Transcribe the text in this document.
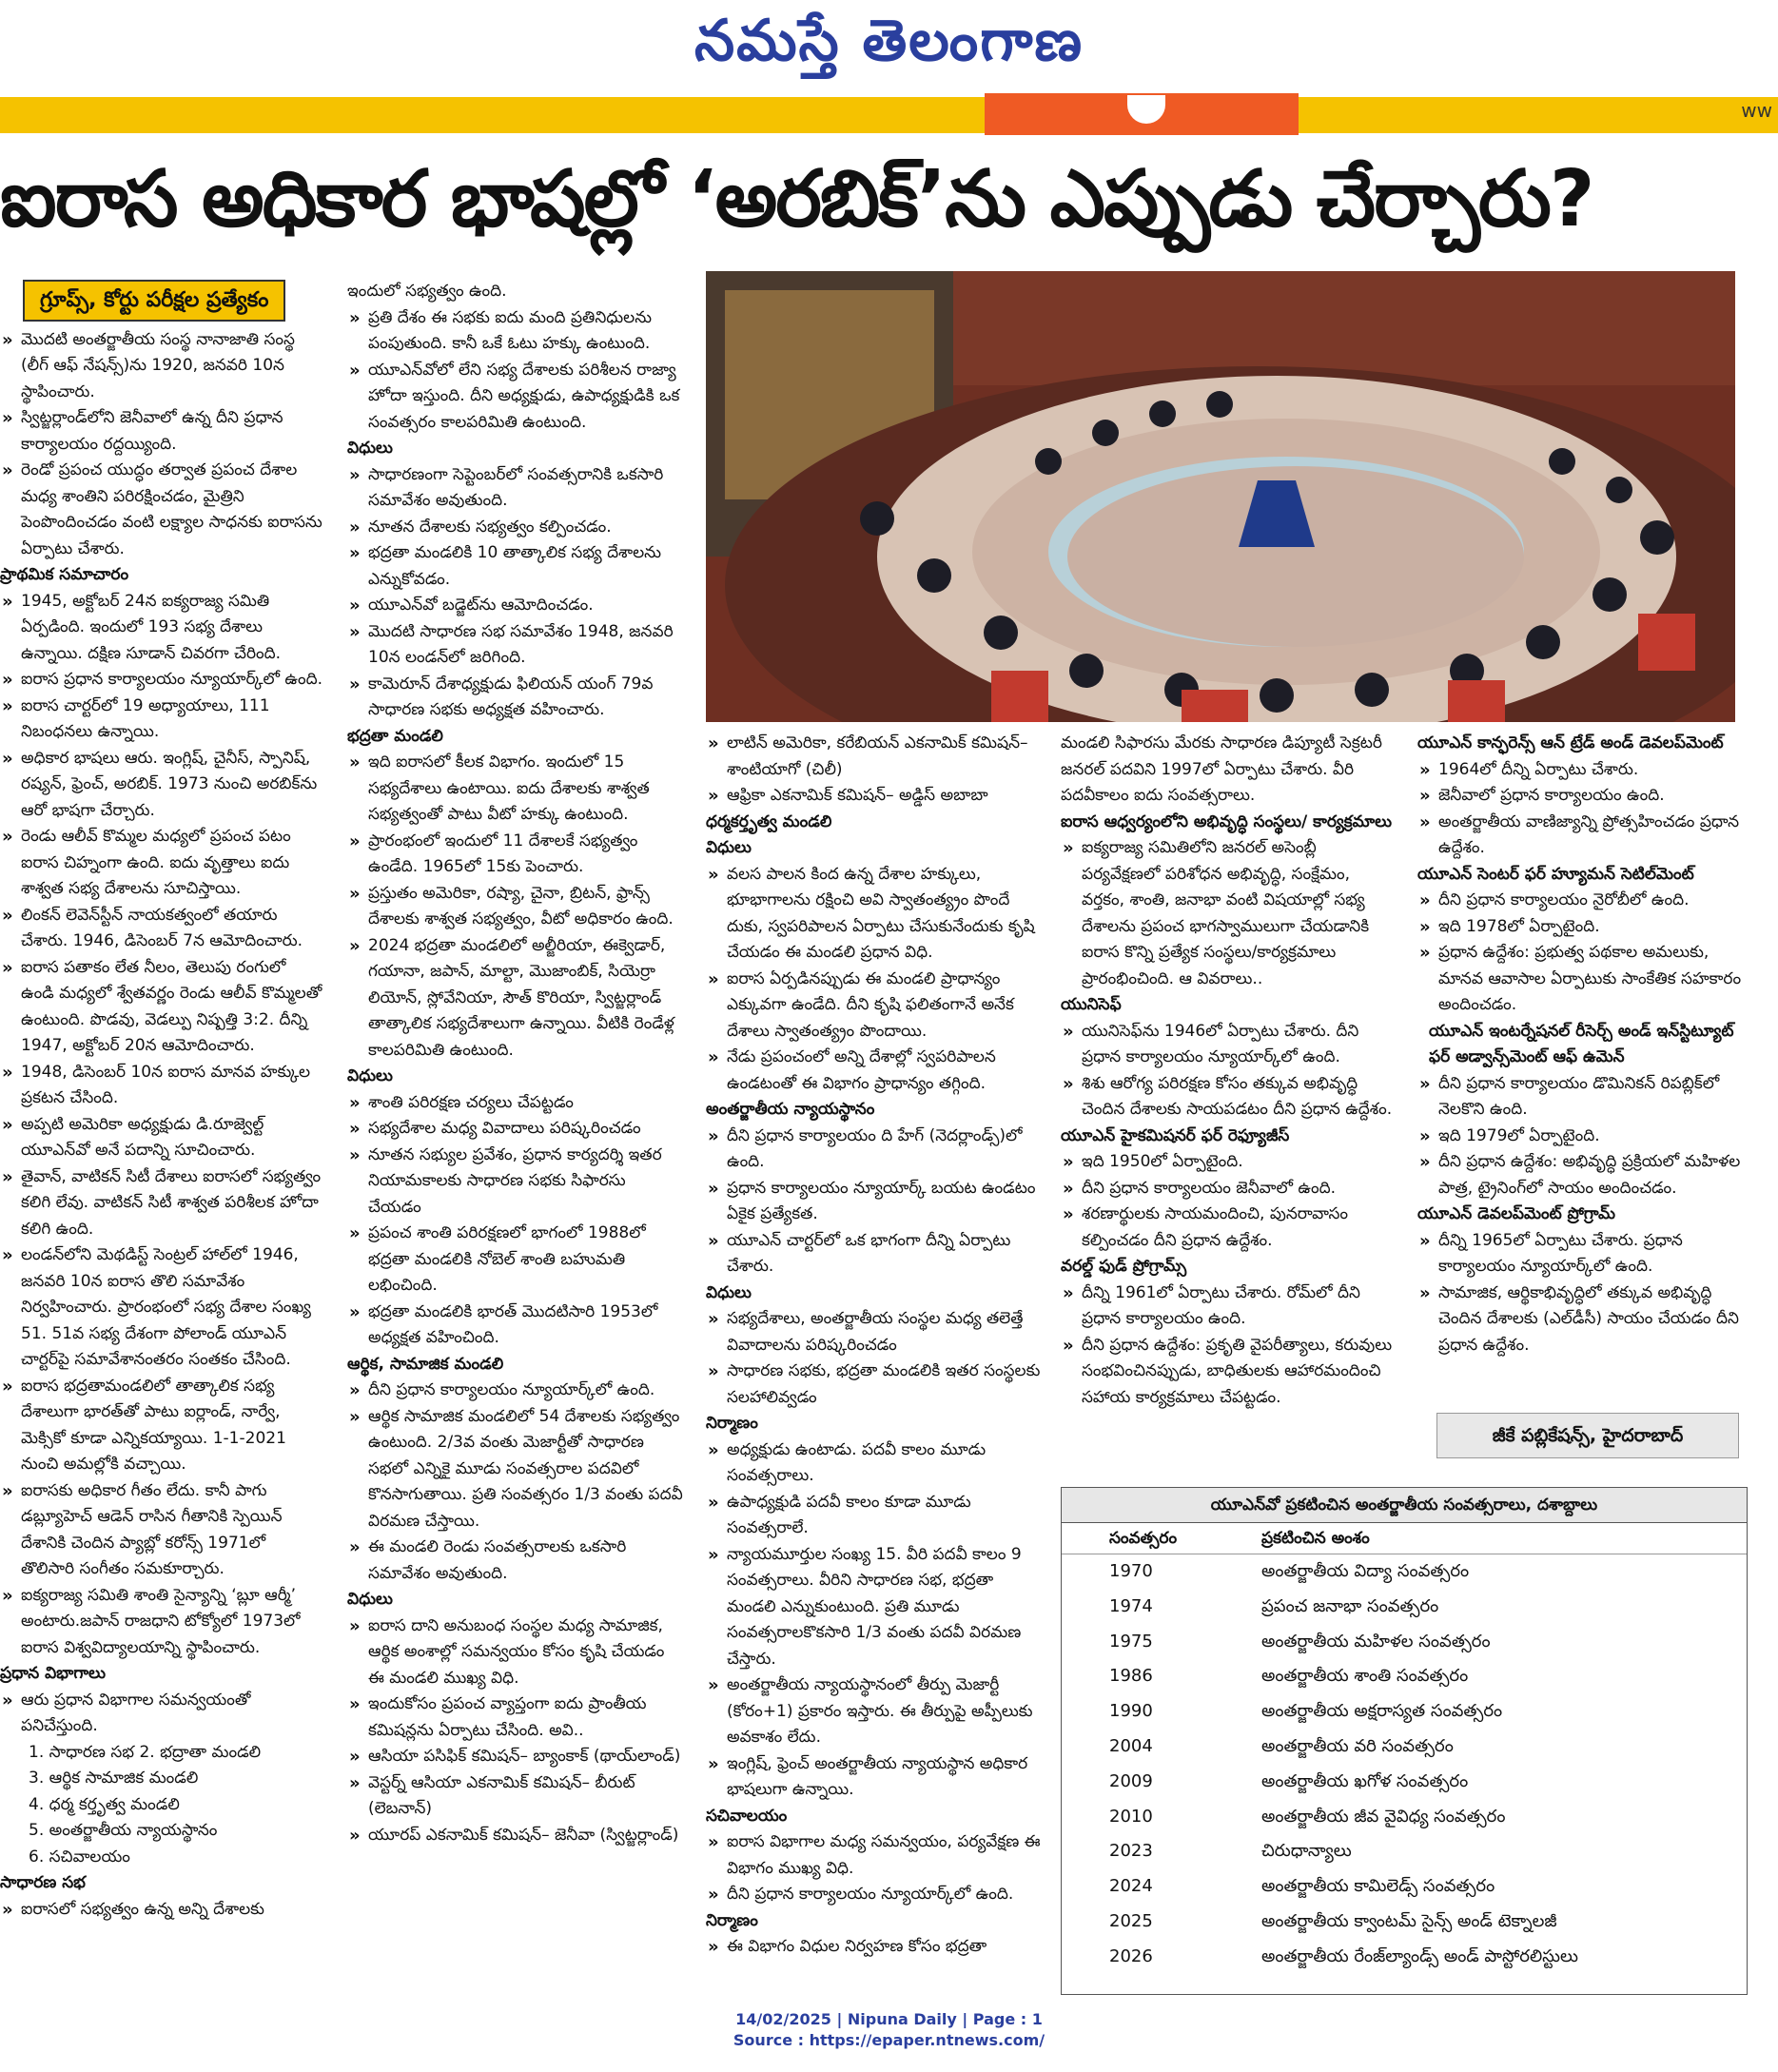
నమస్తే తెలంగాణ
ww
ఐరాస అధికార భాషల్లో ‘అరబిక్’ను ఎప్పుడు చేర్చారు?
గ్రూప్స్, కోర్టు పరీక్షల ప్రత్యేకం

» మొదటి అంతర్జాతీయ సంస్థ నానాజాతి సంస్థ (లీగ్ ఆఫ్ నేషన్స్)ను 1920, జనవరి 10న స్థాపించారు.

» స్విట్జర్లాండ్‌లోని జెనీవాలో ఉన్న దీని ప్రధాన కార్యాలయం రద్దయ్యింది.

» రెండో ప్రపంచ యుద్ధం తర్వాత ప్రపంచ దేశాల మధ్య శాంతిని పరిరక్షించడం, మైత్రిని పెంపొందించడం వంటి లక్ష్యాల సాధనకు ఐరాసను ఏర్పాటు చేశారు.

ప్రాథమిక సమాచారం

» 1945, అక్టోబర్ 24న ఐక్యరాజ్య సమితి ఏర్పడింది. ఇందులో 193 సభ్య దేశాలు ఉన్నాయి. దక్షిణ సూడాన్ చివరగా చేరింది.

» ఐరాస ప్రధాన కార్యాలయం న్యూయార్క్‌లో ఉంది.

» ఐరాస చార్టర్‌లో 19 అధ్యాయాలు, 111 నిబంధనలు ఉన్నాయి.

» అధికార భాషలు ఆరు. ఇంగ్లిష్, చైనీస్, స్పానిష్, రష్యన్, ఫ్రెంచ్, అరబిక్. 1973 నుంచి అరబిక్‌ను ఆరో భాషగా చేర్చారు.

» రెండు ఆలీవ్ కొమ్మల మధ్యలో ప్రపంచ పటం ఐరాస చిహ్నంగా ఉంది. ఐదు వృత్తాలు ఐదు శాశ్వత సభ్య దేశాలను సూచిస్తాయి.

» లింకన్ లెవెన్‌స్టీన్ నాయకత్వంలో తయారు చేశారు. 1946, డిసెంబర్ 7న ఆమోదించారు.

» ఐరాస పతాకం లేత నీలం, తెలుపు రంగులో ఉండి మధ్యలో శ్వేతవర్ణం రెండు ఆలీవ్ కొమ్మలతో ఉంటుంది. పొడవు, వెడల్పు నిష్పత్తి 3:2. దీన్ని 1947, అక్టోబర్ 20న ఆమోదించారు.

» 1948, డిసెంబర్ 10న ఐరాస మానవ హక్కుల ప్రకటన చేసింది.

» అప్పటి అమెరికా అధ్యక్షుడు డి.రూజ్వెల్ట్ యూఎన్‌వో అనే పదాన్ని సూచించారు.

» తైవాన్, వాటికన్ సిటీ దేశాలు ఐరాసలో సభ్యత్వం కలిగి లేవు. వాటికన్ సిటీ శాశ్వత పరిశీలక హోదా కలిగి ఉంది.

» లండన్‌లోని మెథడిస్ట్ సెంట్రల్ హాల్‌లో 1946, జనవరి 10న ఐరాస తొలి సమావేశం నిర్వహించారు. ప్రారంభంలో సభ్య దేశాల సంఖ్య 51. 51వ సభ్య దేశంగా పోలాండ్ యూఎన్ చార్టర్‌పై సమావేశానంతరం సంతకం చేసింది.

» ఐరాస భద్రతామండలిలో తాత్కాలిక సభ్య దేశాలుగా భారత్‌తో పాటు ఐర్లాండ్, నార్వే, మెక్సికో కూడా ఎన్నికయ్యాయి. 1-1-2021 నుంచి అమల్లోకి వచ్చాయి.

» ఐరాసకు అధికార గీతం లేదు. కానీ పాగు డబ్ల్యూహెచ్ ఆడెన్ రాసిన గీతానికి స్పెయిన్ దేశానికి చెందిన ప్యాబ్లో కరోన్స్ 1971లో తొలిసారి సంగీతం సమకూర్చారు.

» ఐక్యరాజ్య సమితి శాంతి సైన్యాన్ని ‘బ్లూ ఆర్మీ’ అంటారు.జపాన్ రాజధాని టోక్యోలో 1973లో ఐరాస విశ్వవిద్యాలయాన్ని స్థాపించారు.

ప్రధాన విభాగాలు

» ఆరు ప్రధాన విభాగాల సమన్వయంతో పనిచేస్తుంది.

1. సాధారణ సభ 2. భద్రాతా మండలి

3. ఆర్థిక సామాజిక మండలి

4. ధర్మ కర్తృత్వ మండలి

5. అంతర్జాతీయ న్యాయస్థానం

6. సచివాలయం

సాధారణ సభ

» ఐరాసలో సభ్యత్వం ఉన్న అన్ని దేశాలకు

ఇందులో సభ్యత్వం ఉంది.

» ప్రతి దేశం ఈ సభకు ఐదు మంది ప్రతినిధులను పంపుతుంది. కానీ ఒకే ఓటు హక్కు ఉంటుంది.

» యూఎన్‌వోలో లేని సభ్య దేశాలకు పరిశీలన రాజ్యా హోదా ఇస్తుంది. దీని అధ్యక్షుడు, ఉపాధ్యక్షుడికి ఒక సంవత్సరం కాలపరిమితి ఉంటుంది.

విధులు

» సాధారణంగా సెప్టెంబర్‌లో సంవత్సరానికి ఒకసారి సమావేశం అవుతుంది.

» నూతన దేశాలకు సభ్యత్వం కల్పించడం.

» భద్రతా మండలికి 10 తాత్కాలిక సభ్య దేశాలను ఎన్నుకోవడం.

» యూఎన్‌వో బడ్జెట్‌ను ఆమోదించడం.

» మొదటి సాధారణ సభ సమావేశం 1948, జనవరి 10న లండన్‌లో జరిగింది.

» కామెరూన్ దేశాధ్యక్షుడు ఫిలియన్ యంగ్ 79వ సాధారణ సభకు అధ్యక్షత వహించారు.

భద్రతా మండలి

» ఇది ఐరాసలో కీలక విభాగం. ఇందులో 15 సభ్యదేశాలు ఉంటాయి. ఐదు దేశాలకు శాశ్వత సభ్యత్వంతో పాటు వీటో హక్కు ఉంటుంది.

» ప్రారంభంలో ఇందులో 11 దేశాలకే సభ్యత్వం ఉండేది. 1965లో 15కు పెంచారు.

» ప్రస్తుతం అమెరికా, రష్యా, చైనా, బ్రిటన్, ఫ్రాన్స్ దేశాలకు శాశ్వత సభ్యత్వం, వీటో అధికారం ఉంది.

» 2024 భద్రతా మండలిలో అల్జీరియా, ఈక్వెడార్, గయానా, జపాన్, మాల్టా, మొజాంబిక్, సియెర్రా లియోన్, స్లోవేనియా, సౌత్ కొరియా, స్విట్జర్లాండ్ తాత్కాలిక సభ్యదేశాలుగా ఉన్నాయి. వీటికి రెండేళ్ల కాలపరిమితి ఉంటుంది.

విధులు

» శాంతి పరిరక్షణ చర్యలు చేపట్టడం

» సభ్యదేశాల మధ్య వివాదాలు పరిష్కరించడం

» నూతన సభ్యుల ప్రవేశం, ప్రధాన కార్యదర్శి ఇతర నియామకాలకు సాధారణ సభకు సిఫారసు చేయడం

» ప్రపంచ శాంతి పరిరక్షణలో భాగంలో 1988లో భద్రతా మండలికి నోబెల్ శాంతి బహుమతి లభించింది.

» భద్రతా మండలికి భారత్ మొదటిసారి 1953లో అధ్యక్షత వహించింది.

ఆర్థిక, సామాజిక మండలి

» దీని ప్రధాన కార్యాలయం న్యూయార్క్‌లో ఉంది.

» ఆర్థిక సామాజిక మండలిలో 54 దేశాలకు సభ్యత్వం ఉంటుంది. 2/3వ వంతు మెజార్టీతో సాధారణ సభలో ఎన్నికై మూడు సంవత్సరాల పదవిలో కొనసాగుతాయి. ప్రతి సంవత్సరం 1/3 వంతు పదవీ విరమణ చేస్తాయి.

» ఈ మండలి రెండు సంవత్సరాలకు ఒకసారి సమావేశం అవుతుంది.

విధులు

» ఐరాస దాని అనుబంధ సంస్థల మధ్య సామాజిక, ఆర్థిక అంశాల్లో సమన్వయం కోసం కృషి చేయడం ఈ మండలి ముఖ్య విధి.

» ఇందుకోసం ప్రపంచ వ్యాప్తంగా ఐదు ప్రాంతీయ కమిషన్లను ఏర్పాటు చేసింది. అవి..

» ఆసియా పసిఫిక్ కమిషన్– బ్యాంకాక్ (థాయ్‌లాండ్)

» వెస్టర్న్ ఆసియా ఎకనామిక్ కమిషన్– బీరుట్ (లెబనాన్)

» యూరప్ ఎకనామిక్ కమిషన్– జెనీవా (స్విట్జర్లాండ్)

» లాటిన్ అమెరికా, కరేబియన్ ఎకనామిక్ కమిషన్– శాంటియాగో (చిలీ)

» ఆఫ్రికా ఎకనామిక్ కమిషన్– అడ్డిస్ అబాబా

ధర్మకర్తృత్వ మండలి

విధులు

» వలస పాలన కింద ఉన్న దేశాల హక్కులు, భూభాగాలను రక్షించి అవి స్వాతంత్య్రం పొందే దుకు, స్వపరిపాలన ఏర్పాటు చేసుకునేందుకు కృషి చేయడం ఈ మండలి ప్రధాన విధి.

» ఐరాస ఏర్పడినప్పుడు ఈ మండలి ప్రాధాన్యం ఎక్కువగా ఉండేది. దీని కృషి ఫలితంగానే అనేక దేశాలు స్వాతంత్య్రం పొందాయి.

» నేడు ప్రపంచంలో అన్ని దేశాల్లో స్వపరిపాలన ఉండటంతో ఈ విభాగం ప్రాధాన్యం తగ్గింది.

అంతర్జాతీయ న్యాయస్థానం

» దీని ప్రధాన కార్యాలయం ది హేగ్ (నెదర్లాండ్స్)లో ఉంది.

» ప్రధాన కార్యాలయం న్యూయార్క్ బయట ఉండటం ఏకైక ప్రత్యేకత.

» యూఎన్ చార్టర్‌లో ఒక భాగంగా దీన్ని ఏర్పాటు చేశారు.

విధులు

» సభ్యదేశాలు, అంతర్జాతీయ సంస్థల మధ్య తలెత్తే వివాదాలను పరిష్కరించడం

» సాధారణ సభకు, భద్రతా మండలికి ఇతర సంస్థలకు సలహాలివ్వడం

నిర్మాణం

» అధ్యక్షుడు ఉంటాడు. పదవీ కాలం మూడు సంవత్సరాలు.

» ఉపాధ్యక్షుడి పదవీ కాలం కూడా మూడు సంవత్సరాలే.

» న్యాయమూర్తుల సంఖ్య 15. వీరి పదవీ కాలం 9 సంవత్సరాలు. వీరిని సాధారణ సభ, భద్రతా మండలి ఎన్నుకుంటుంది. ప్రతి మూడు సంవత్సరాలకొకసారి 1/3 వంతు పదవీ విరమణ చేస్తారు.

» అంతర్జాతీయ న్యాయస్థానంలో తీర్పు మెజార్టీ (కోరం+1) ప్రకారం ఇస్తారు. ఈ తీర్పుపై అప్పీలుకు అవకాశం లేదు.

» ఇంగ్లిష్, ఫ్రెంచ్ అంతర్జాతీయ న్యాయస్థాన అధికార భాషలుగా ఉన్నాయి.

సచివాలయం

» ఐరాస విభాగాల మధ్య సమన్వయం, పర్యవేక్షణ ఈ విభాగం ముఖ్య విధి.

» దీని ప్రధాన కార్యాలయం న్యూయార్క్‌లో ఉంది.

నిర్మాణం

» ఈ విభాగం విధుల నిర్వహణ కోసం భద్రతా

మండలి సిఫారసు మేరకు సాధారణ డిప్యూటీ సెక్రటరీ జనరల్ పదవిని 1997లో ఏర్పాటు చేశారు. వీరి పదవీకాలం ఐదు సంవత్సరాలు.

ఐరాస ఆధ్వర్యంలోని అభివృద్ధి సంస్థలు/ కార్యక్రమాలు

» ఐక్యరాజ్య సమితిలోని జనరల్ అసెంబ్లీ పర్యవేక్షణలో పరిశోధన అభివృద్ధి, సంక్షేమం, వర్తకం, శాంతి, జనాభా వంటి విషయాల్లో సభ్య దేశాలను ప్రపంచ భాగస్వాములుగా చేయడానికి ఐరాస కొన్ని ప్రత్యేక సంస్థలు/కార్యక్రమాలు ప్రారంభించింది. ఆ వివరాలు..

యునిసెఫ్

» యునిసెఫ్‌ను 1946లో ఏర్పాటు చేశారు. దీని ప్రధాన కార్యాలయం న్యూయార్క్‌లో ఉంది.

» శిశు ఆరోగ్య పరిరక్షణ కోసం తక్కువ అభివృద్ధి చెందిన దేశాలకు సాయపడటం దీని ప్రధాన ఉద్దేశం.

యూఎన్ హైకమిషనర్ ఫర్ రెఫ్యూజీస్

» ఇది 1950లో ఏర్పాటైంది.

» దీని ప్రధాన కార్యాలయం జెనీవాలో ఉంది.

» శరణార్థులకు సాయమందించి, పునరావాసం కల్పించడం దీని ప్రధాన ఉద్దేశం.

వరల్డ్ ఫుడ్ ప్రోగ్రామ్స్

» దీన్ని 1961లో ఏర్పాటు చేశారు. రోమ్‌లో దీని ప్రధాన కార్యాలయం ఉంది.

» దీని ప్రధాన ఉద్దేశం: ప్రకృతి వైపరీత్యాలు, కరువులు సంభవించినప్పుడు, బాధితులకు ఆహారమందించి సహాయ కార్యక్రమాలు చేపట్టడం.

యూఎన్ కాన్ఫరెన్స్ ఆన్ ట్రేడ్ అండ్ డెవలప్‌మెంట్

» 1964లో దీన్ని ఏర్పాటు చేశారు.

» జెనీవాలో ప్రధాన కార్యాలయం ఉంది.

» అంతర్జాతీయ వాణిజ్యాన్ని ప్రోత్సహించడం ప్రధాన ఉద్దేశం.

యూఎన్ సెంటర్ ఫర్ హ్యూమన్ సెటిల్‌మెంట్

» దీని ప్రధాన కార్యాలయం నైరోబీలో ఉంది.

» ఇది 1978లో ఏర్పాటైంది.

» ప్రధాన ఉద్దేశం: ప్రభుత్వ పథకాల అమలుకు, మానవ ఆవాసాల ఏర్పాటుకు సాంకేతిక సహకారం అందించడం.

యూఎన్ ఇంటర్నేషనల్ రీసెర్చ్ అండ్ ఇన్‌స్టిట్యూట్ ఫర్ అడ్వాన్స్‌మెంట్ ఆఫ్ ఉమెన్

» దీని ప్రధాన కార్యాలయం డొమినికన్ రిపబ్లిక్‌లో నెలకొని ఉంది.

» ఇది 1979లో ఏర్పాటైంది.

» దీని ప్రధాన ఉద్దేశం: అభివృద్ధి ప్రక్రియలో మహిళల పాత్ర, ట్రైనింగ్‌లో సాయం అందించడం.

యూఎన్ డెవలప్‌మెంట్ ప్రోగ్రామ్

» దీన్ని 1965లో ఏర్పాటు చేశారు. ప్రధాన కార్యాలయం న్యూయార్క్‌లో ఉంది.

» సామాజిక, ఆర్థికాభివృద్ధిలో తక్కువ అభివృద్ధి చెందిన దేశాలకు (ఎల్‌డీసీ) సాయం చేయడం దీని ప్రధాన ఉద్దేశం.

జీకే పబ్లికేషన్స్, హైదరాబాద్
యూఎన్‌వో ప్రకటించిన అంతర్జాతీయ సంవత్సరాలు, దశాబ్దాలు
సంవత్సరం	ప్రకటించిన అంశం
1970	అంతర్జాతీయ విద్యా సంవత్సరం
1974	ప్రపంచ జనాభా సంవత్సరం
1975	అంతర్జాతీయ మహిళల సంవత్సరం
1986	అంతర్జాతీయ శాంతి సంవత్సరం
1990	అంతర్జాతీయ అక్షరాస్యత సంవత్సరం
2004	అంతర్జాతీయ వరి సంవత్సరం
2009	అంతర్జాతీయ ఖగోళ సంవత్సరం
2010	అంతర్జాతీయ జీవ వైవిధ్య సంవత్సరం
2023	చిరుధాన్యాలు
2024	అంతర్జాతీయ కామిలెడ్స్ సంవత్సరం
2025	అంతర్జాతీయ క్వాంటమ్ సైన్స్ అండ్ టెక్నాలజీ
2026	అంతర్జాతీయ రేంజ్‌ల్యాండ్స్ అండ్ పాస్టోరలిస్టులు
14/02/2025 | Nipuna Daily | Page : 1
Source : https://epaper.ntnews.com/
